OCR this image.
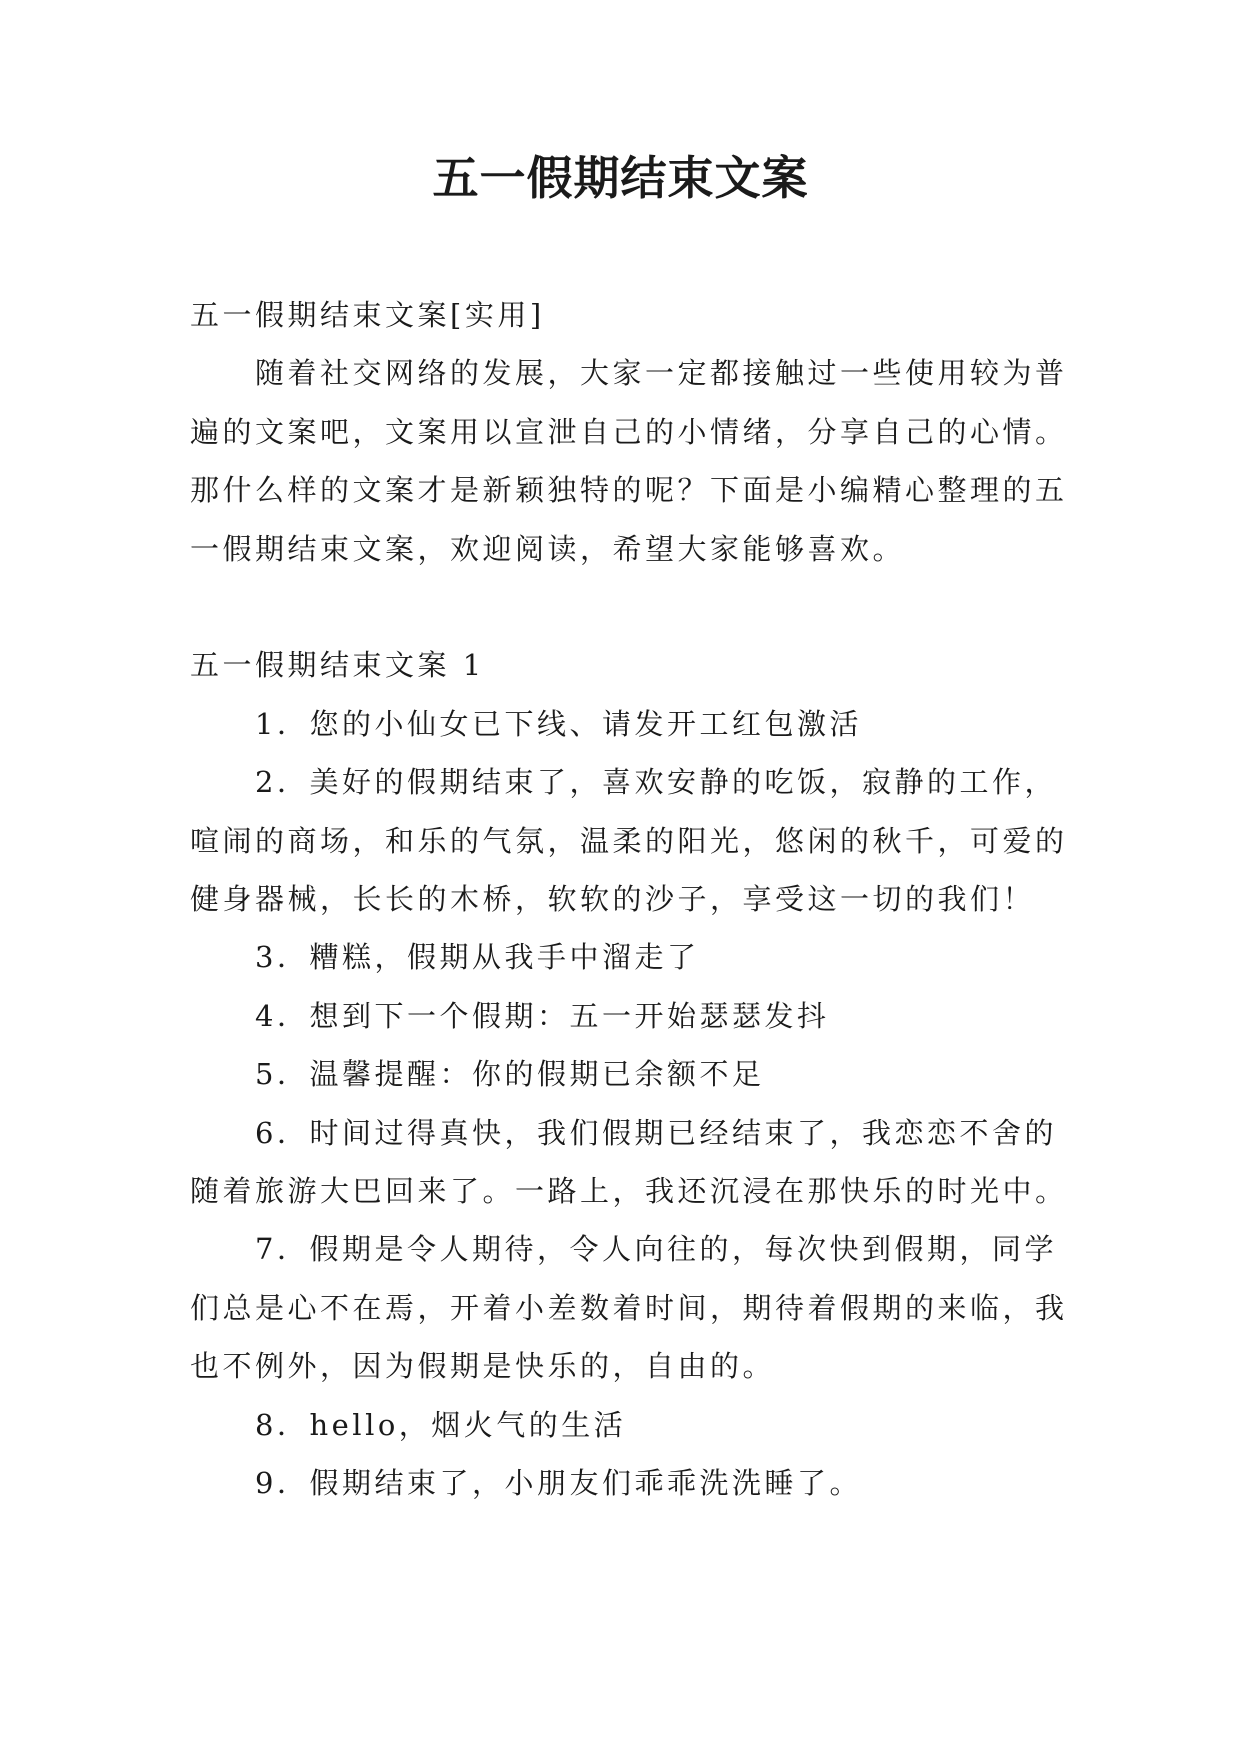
五一假期结束文案

五一假期结束文案[实用]

随着社交网络的发展，大家一定都接触过一些使用较为普遍的文案吧，文案用以宣泄自己的小情绪，分享自己的心情。那什么样的文案才是新颖独特的呢？下面是小编精心整理的五一假期结束文案，欢迎阅读，希望大家能够喜欢。

五一假期结束文案 1

1．您的小仙女已下线、请发开工红包激活

2．美好的假期结束了，喜欢安静的吃饭，寂静的工作，喧闹的商场，和乐的气氛，温柔的阳光，悠闲的秋千，可爱的健身器械，长长的木桥，软软的沙子，享受这一切的我们！

3．糟糕，假期从我手中溜走了

4．想到下一个假期：五一开始瑟瑟发抖

5．温馨提醒：你的假期已余额不足

6．时间过得真快，我们假期已经结束了，我恋恋不舍的随着旅游大巴回来了。一路上，我还沉浸在那快乐的时光中。

7．假期是令人期待，令人向往的，每次快到假期，同学们总是心不在焉，开着小差数着时间，期待着假期的来临，我也不例外，因为假期是快乐的，自由的。

8．hello，烟火气的生活

9．假期结束了，小朋友们乖乖洗洗睡了。
